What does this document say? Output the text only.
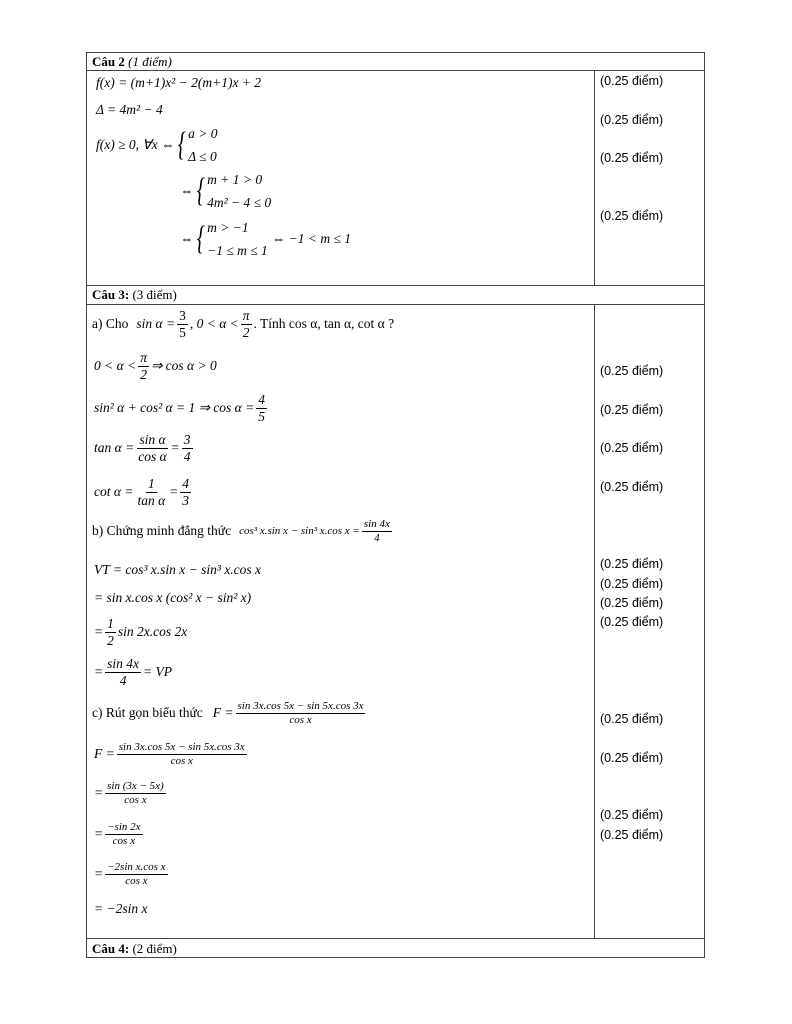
Câu 2 (1 điểm)
f(x) = (m+1)x² − 2(m+1)x + 2
Δ = 4m² − 4
f(x) ≥ 0, ∀x ⇔ { a > 0
Δ ≤ 0
⇔ { m + 1 > 0
4m² − 4 ≤ 0
⇔ { m > −1
−1 ≤ m ≤ 1
⇔ −1 < m ≤ 1
(0.25 điểm)
(0.25 điểm)
(0.25 điểm)
(0.25 điểm)
Câu 3: (3 điểm)
a) Cho $\sin \alpha = \frac{3}{5}$ , $0 < \alpha < \frac{\pi}{2}$ . Tính cos α, tan α, cot α ?
$0 < \alpha < \frac{\pi}{2}$ ⇒ cos α > 0
sin² α + cos² α = 1 ⇒ $\cos \alpha = \frac{4}{5}$
$\tan \alpha = \frac{\text{sin α}}{\text{cos α}} = \frac{3}{4}$
$\cot \alpha = \frac{1}{\text{tan α}} = \frac{4}{3}$
(0.25 điểm)
(0.25 điểm)
(0.25 điểm)
(0.25 điểm)
b) Chứng minh đẳng thức cos³ x.sin x − sin³ x.cos $x = \frac{\sin 4x}{4}$
VT = cos³ x.sin x − sin³ x.cos x
= sin x.cos x (cos² x − sin² x)
= $\frac{1}{2}$ sin 2x.cos 2x
= $\frac{\sin 4x}{4}$ = VP
(0.25 điểm)
(0.25 điểm)
(0.25 điểm)
(0.25 điểm)
c) Rút gọn biểu thức $F = \frac{\sin 3x.\cos 5x - \sin 5x.\cos 3x}{\text{cos x}}$
$F = \frac{\sin 3x.\cos 5x - \sin 5x.\cos 3x}{\text{cos x}}$
= $\frac{\sin (3x - 5x)}{\text{cos x}}$
= $\frac{-\sin 2x}{\text{cos x}}$
= $\frac{\text{−2sin x.cos x}}{\text{cos x}}$
= −2sin x
(0.25 điểm)
(0.25 điểm)
(0.25 điểm)
(0.25 điểm)
Câu 4: (2 điểm)
